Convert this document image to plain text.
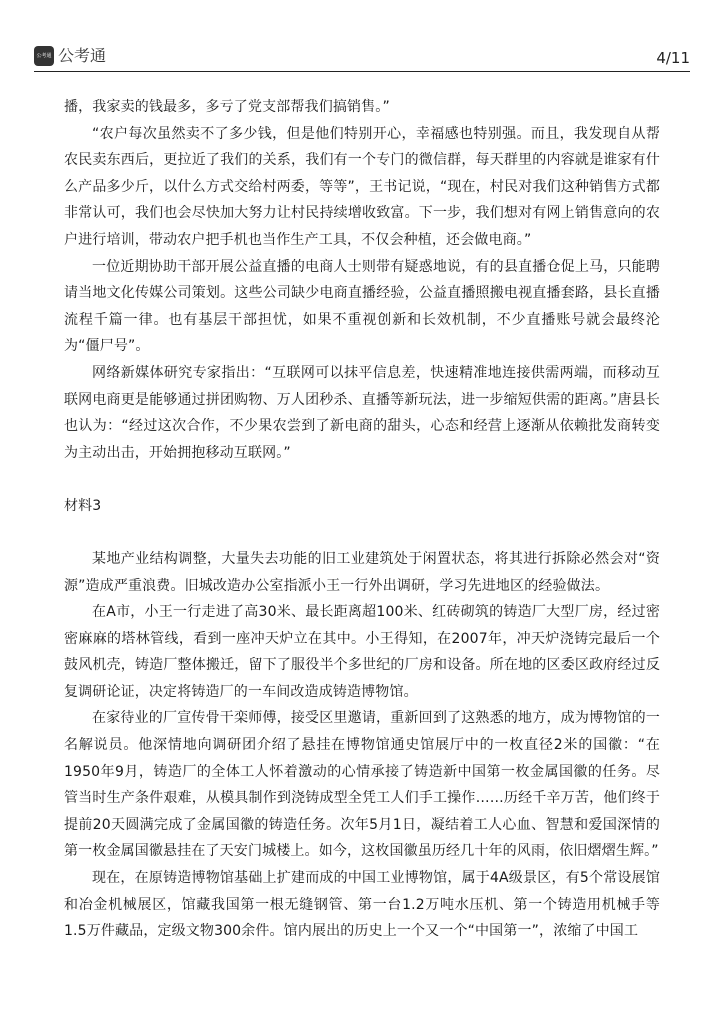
公考通 公考通	4/11

播，我家卖的钱最多，多亏了党支部帮我们搞销售。”

“农户每次虽然卖不了多少钱，但是他们特别开心，幸福感也特别强。而且，我发现自从帮农民卖东西后，更拉近了我们的关系，我们有一个专门的微信群，每天群里的内容就是谁家有什么产品多少斤，以什么方式交给村两委，等等”，王书记说，“现在，村民对我们这种销售方式都非常认可，我们也会尽快加大努力让村民持续增收致富。下一步，我们想对有网上销售意向的农户进行培训，带动农户把手机也当作生产工具，不仅会种植，还会做电商。”

一位近期协助干部开展公益直播的电商人士则带有疑惑地说，有的县直播仓促上马，只能聘请当地文化传媒公司策划。这些公司缺少电商直播经验，公益直播照搬电视直播套路，县长直播流程千篇一律。也有基层干部担忧，如果不重视创新和长效机制，不少直播账号就会最终沦为“僵尸号”。

网络新媒体研究专家指出：“互联网可以抹平信息差，快速精准地连接供需两端，而移动互联网电商更是能够通过拼团购物、万人团秒杀、直播等新玩法，进一步缩短供需的距离。”唐县长也认为：“经过这次合作，不少果农尝到了新电商的甜头，心态和经营上逐渐从依赖批发商转变为主动出击，开始拥抱移动互联网。”

材料3

某地产业结构调整，大量失去功能的旧工业建筑处于闲置状态，将其进行拆除必然会对“资源”造成严重浪费。旧城改造办公室指派小王一行外出调研，学习先进地区的经验做法。

在A市，小王一行走进了高30米、最长距离超100米、红砖砌筑的铸造厂大型厂房，经过密密麻麻的塔林管线，看到一座冲天炉立在其中。小王得知，在2007年，冲天炉浇铸完最后一个鼓风机壳，铸造厂整体搬迁，留下了服役半个多世纪的厂房和设备。所在地的区委区政府经过反复调研论证，决定将铸造厂的一车间改造成铸造博物馆。

在家待业的厂宣传骨干栾师傅，接受区里邀请，重新回到了这熟悉的地方，成为博物馆的一名解说员。他深情地向调研团介绍了悬挂在博物馆通史馆展厅中的一枚直径2米的国徽：“在1950年9月，铸造厂的全体工人怀着激动的心情承接了铸造新中国第一枚金属国徽的任务。尽管当时生产条件艰难，从模具制作到浇铸成型全凭工人们手工操作……历经千辛万苦，他们终于提前20天圆满完成了金属国徽的铸造任务。次年5月1日，凝结着工人心血、智慧和爱国深情的第一枚金属国徽悬挂在了天安门城楼上。如今，这枚国徽虽历经几十年的风雨，依旧熠熠生辉。”

现在，在原铸造博物馆基础上扩建而成的中国工业博物馆，属于4A级景区，有5个常设展馆和冶金机械展区，馆藏我国第一根无缝钢管、第一台1.2万吨水压机、第一个铸造用机械手等1.5万件藏品，定级文物300余件。馆内展出的历史上一个又一个“中国第一”，浓缩了中国工
